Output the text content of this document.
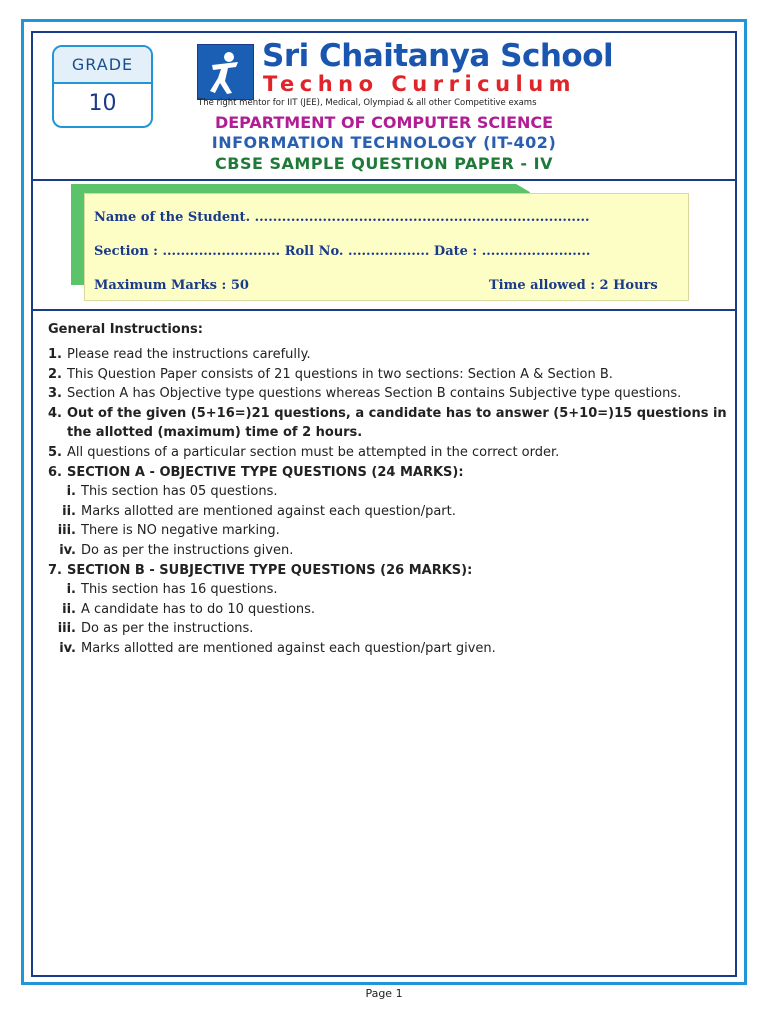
GRADE
10
Sri Chaitanya School
Techno Curriculum
The right mentor for IIT (JEE), Medical, Olympiad & all other Competitive exams
DEPARTMENT OF COMPUTER SCIENCE
INFORMATION TECHNOLOGY (IT-402)
CBSE SAMPLE QUESTION PAPER - IV
Name of the Student. ..........................................................................
Section : .......................... Roll No. .................. Date : ........................
Maximum Marks : 50	Time allowed : 2 Hours
General Instructions:
1. Please read the instructions carefully.
2. This Question Paper consists of 21 questions in two sections: Section A & Section B.
3. Section A has Objective type questions whereas Section B contains Subjective type questions.
4. Out of the given (5+16=)21 questions, a candidate has to answer (5+10=)15 questions in the allotted (maximum) time of 2 hours.
5. All questions of a particular section must be attempted in the correct order.
6. SECTION A - OBJECTIVE TYPE QUESTIONS (24 MARKS):
i. This section has 05 questions.
ii. Marks allotted are mentioned against each question/part.
iii. There is NO negative marking.
iv. Do as per the instructions given.
7. SECTION B - SUBJECTIVE TYPE QUESTIONS (26 MARKS):
i. This section has 16 questions.
ii. A candidate has to do 10 questions.
iii. Do as per the instructions.
iv. Marks allotted are mentioned against each question/part given.
Page 1
